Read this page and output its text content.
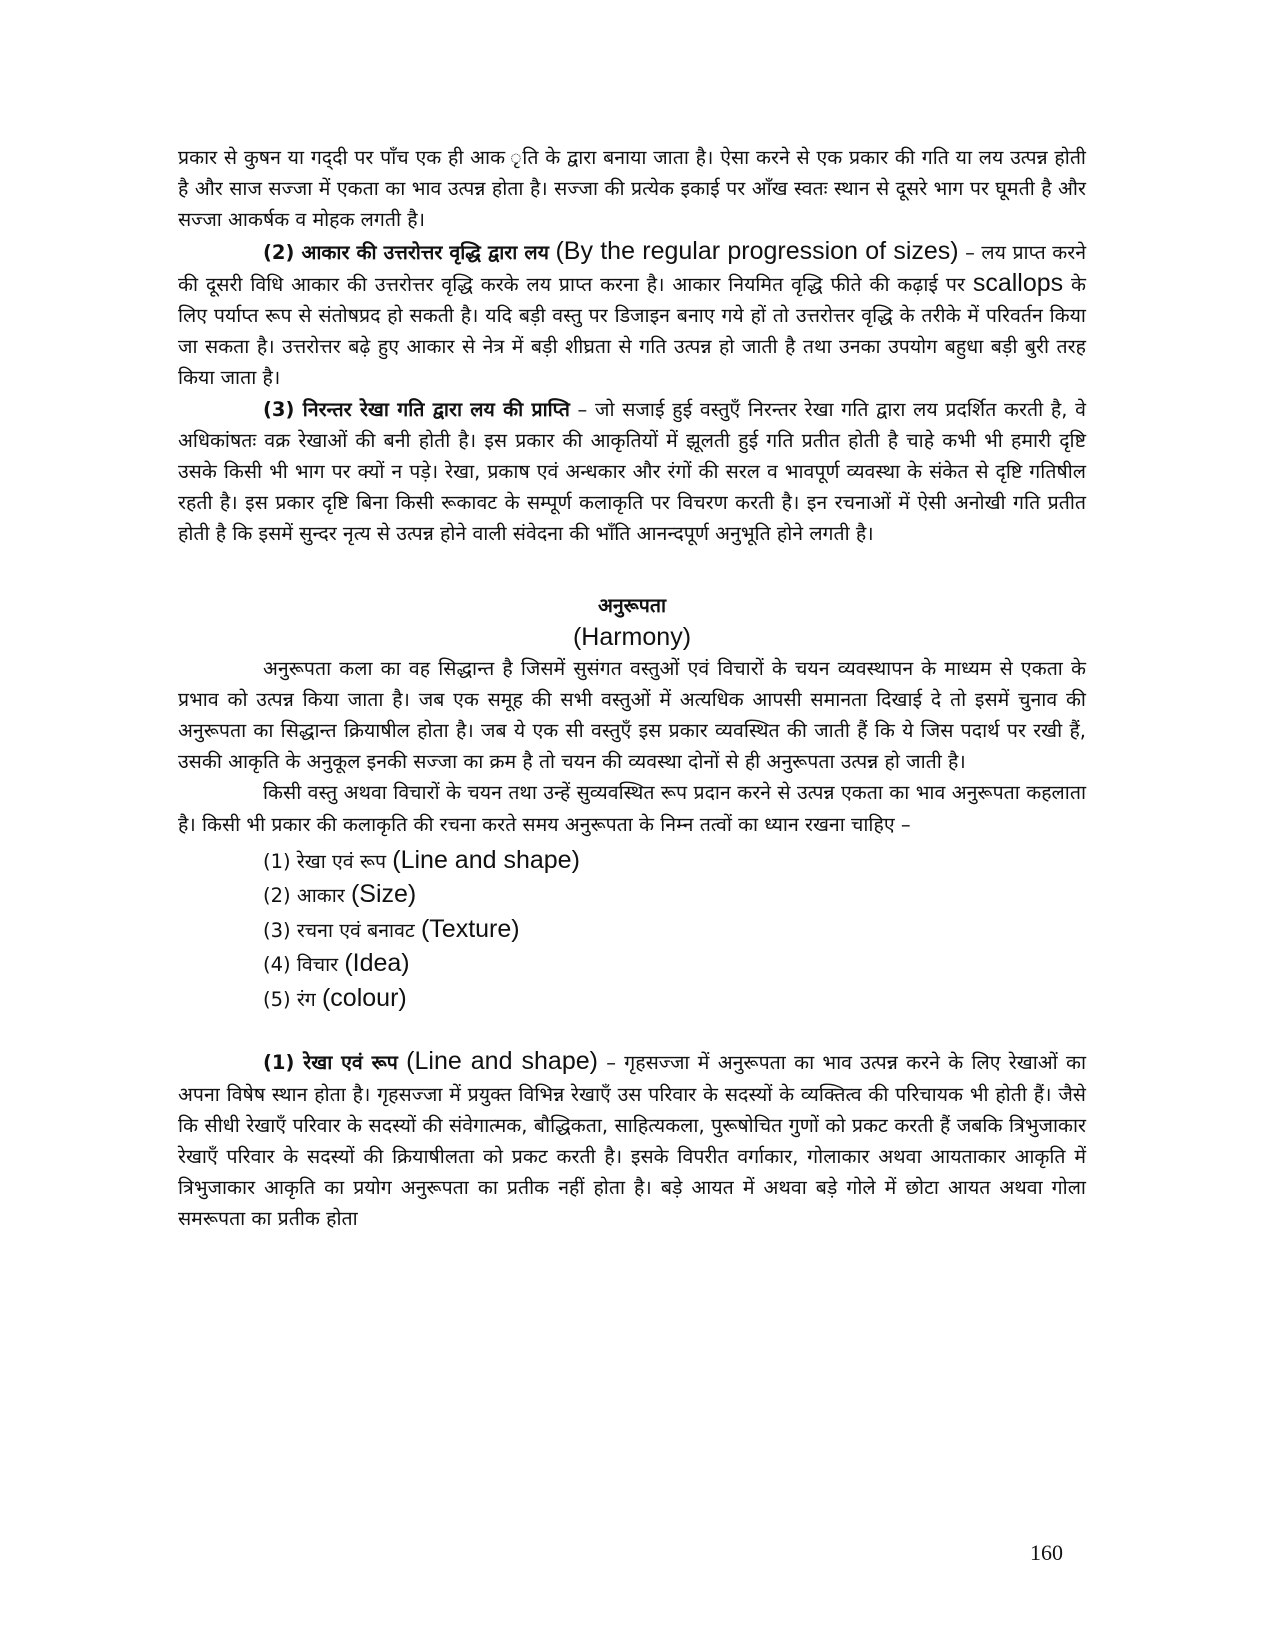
प्रकार से कुषन या गद्‌दी पर पाँच एक ही आक ृति के द्वारा बनाया जाता है। ऐसा करने से एक प्रकार की गति या लय उत्पन्न होती है और साज सज्जा में एकता का भाव उत्पन्न होता है। सज्जा की प्रत्येक इकाई पर आँख स्वतः स्थान से दूसरे भाग पर घूमती है और सज्जा आकर्षक व मोहक लगती है।

(2) आकार की उत्तरोत्तर वृद्धि द्वारा लय (By the regular progression of sizes) – लय प्राप्त करने की दूसरी विधि आकार की उत्तरोत्तर वृद्धि करके लय प्राप्त करना है। आकार नियमित वृद्धि फीते की कढ़ाई पर scallops के लिए पर्याप्त रूप से संतोषप्रद हो सकती है। यदि बड़ी वस्तु पर डिजाइन बनाए गये हों तो उत्तरोत्तर वृद्धि के तरीके में परिवर्तन किया जा सकता है। उत्तरोत्तर बढ़े हुए आकार से नेत्र में बड़ी शीघ्रता से गति उत्पन्न हो जाती है तथा उनका उपयोग बहुधा बड़ी बुरी तरह किया जाता है।

(3) निरन्तर रेखा गति द्वारा लय की प्राप्ति – जो सजाई हुई वस्तुएँ निरन्तर रेखा गति द्वारा लय प्रदर्शित करती है, वे अधिकांषतः वक्र रेखाओं की बनी होती है। इस प्रकार की आकृतियों में झूलती हुई गति प्रतीत होती है चाहे कभी भी हमारी दृष्टि उसके किसी भी भाग पर क्यों न पड़े। रेखा, प्रकाष एवं अन्धकार और रंगों की सरल व भावपूर्ण व्यवस्था के संकेत से दृष्टि गतिषील रहती है। इस प्रकार दृष्टि बिना किसी रूकावट के सम्पूर्ण कलाकृति पर विचरण करती है। इन रचनाओं में ऐसी अनोखी गति प्रतीत होती है कि इसमें सुन्दर नृत्य से उत्पन्न होने वाली संवेदना की भाँति आनन्दपूर्ण अनुभूति होने लगती है।

अनुरूपता
(Harmony)

अनुरूपता कला का वह सिद्धान्त है जिसमें सुसंगत वस्तुओं एवं विचारों के चयन व्यवस्थापन के माध्यम से एकता के प्रभाव को उत्पन्न किया जाता है। जब एक समूह की सभी वस्तुओं में अत्यधिक आपसी समानता दिखाई दे तो इसमें चुनाव की अनुरूपता का सिद्धान्त क्रियाषील होता है। जब ये एक सी वस्तुएँ इस प्रकार व्यवस्थित की जाती हैं कि ये जिस पदार्थ पर रखी हैं, उसकी आकृति के अनुकूल इनकी सज्जा का क्रम है तो चयन की व्यवस्था दोनों से ही अनुरूपता उत्पन्न हो जाती है।

किसी वस्तु अथवा विचारों के चयन तथा उन्हें सुव्यवस्थित रूप प्रदान करने से उत्पन्न एकता का भाव अनुरूपता कहलाता है। किसी भी प्रकार की कलाकृति की रचना करते समय अनुरूपता के निम्न तत्वों का ध्यान रखना चाहिए –

(1) रेखा एवं रूप (Line and shape)
(2) आकार (Size)
(3) रचना एवं बनावट (Texture)
(4) विचार (Idea)
(5) रंग (colour)

(1) रेखा एवं रूप (Line and shape) – गृहसज्जा में अनुरूपता का भाव उत्पन्न करने के लिए रेखाओं का अपना विषेष स्थान होता है। गृहसज्जा में प्रयुक्त विभिन्न रेखाएँ उस परिवार के सदस्यों के व्यक्तित्व की परिचायक भी होती हैं। जैसे कि सीधी रेखाएँ परिवार के सदस्यों की संवेगात्मक, बौद्धिकता, साहित्यकला, पुरूषोचित गुणों को प्रकट करती हैं जबकि त्रिभुजाकार रेखाएँ परिवार के सदस्यों की क्रियाषीलता को प्रकट करती है। इसके विपरीत वर्गाकार, गोलाकार अथवा आयताकार आकृति में त्रिभुजाकार आकृति का प्रयोग अनुरूपता का प्रतीक नहीं होता है। बड़े आयत में अथवा बड़े गोले में छोटा आयत अथवा गोला समरूपता का प्रतीक होता

160
